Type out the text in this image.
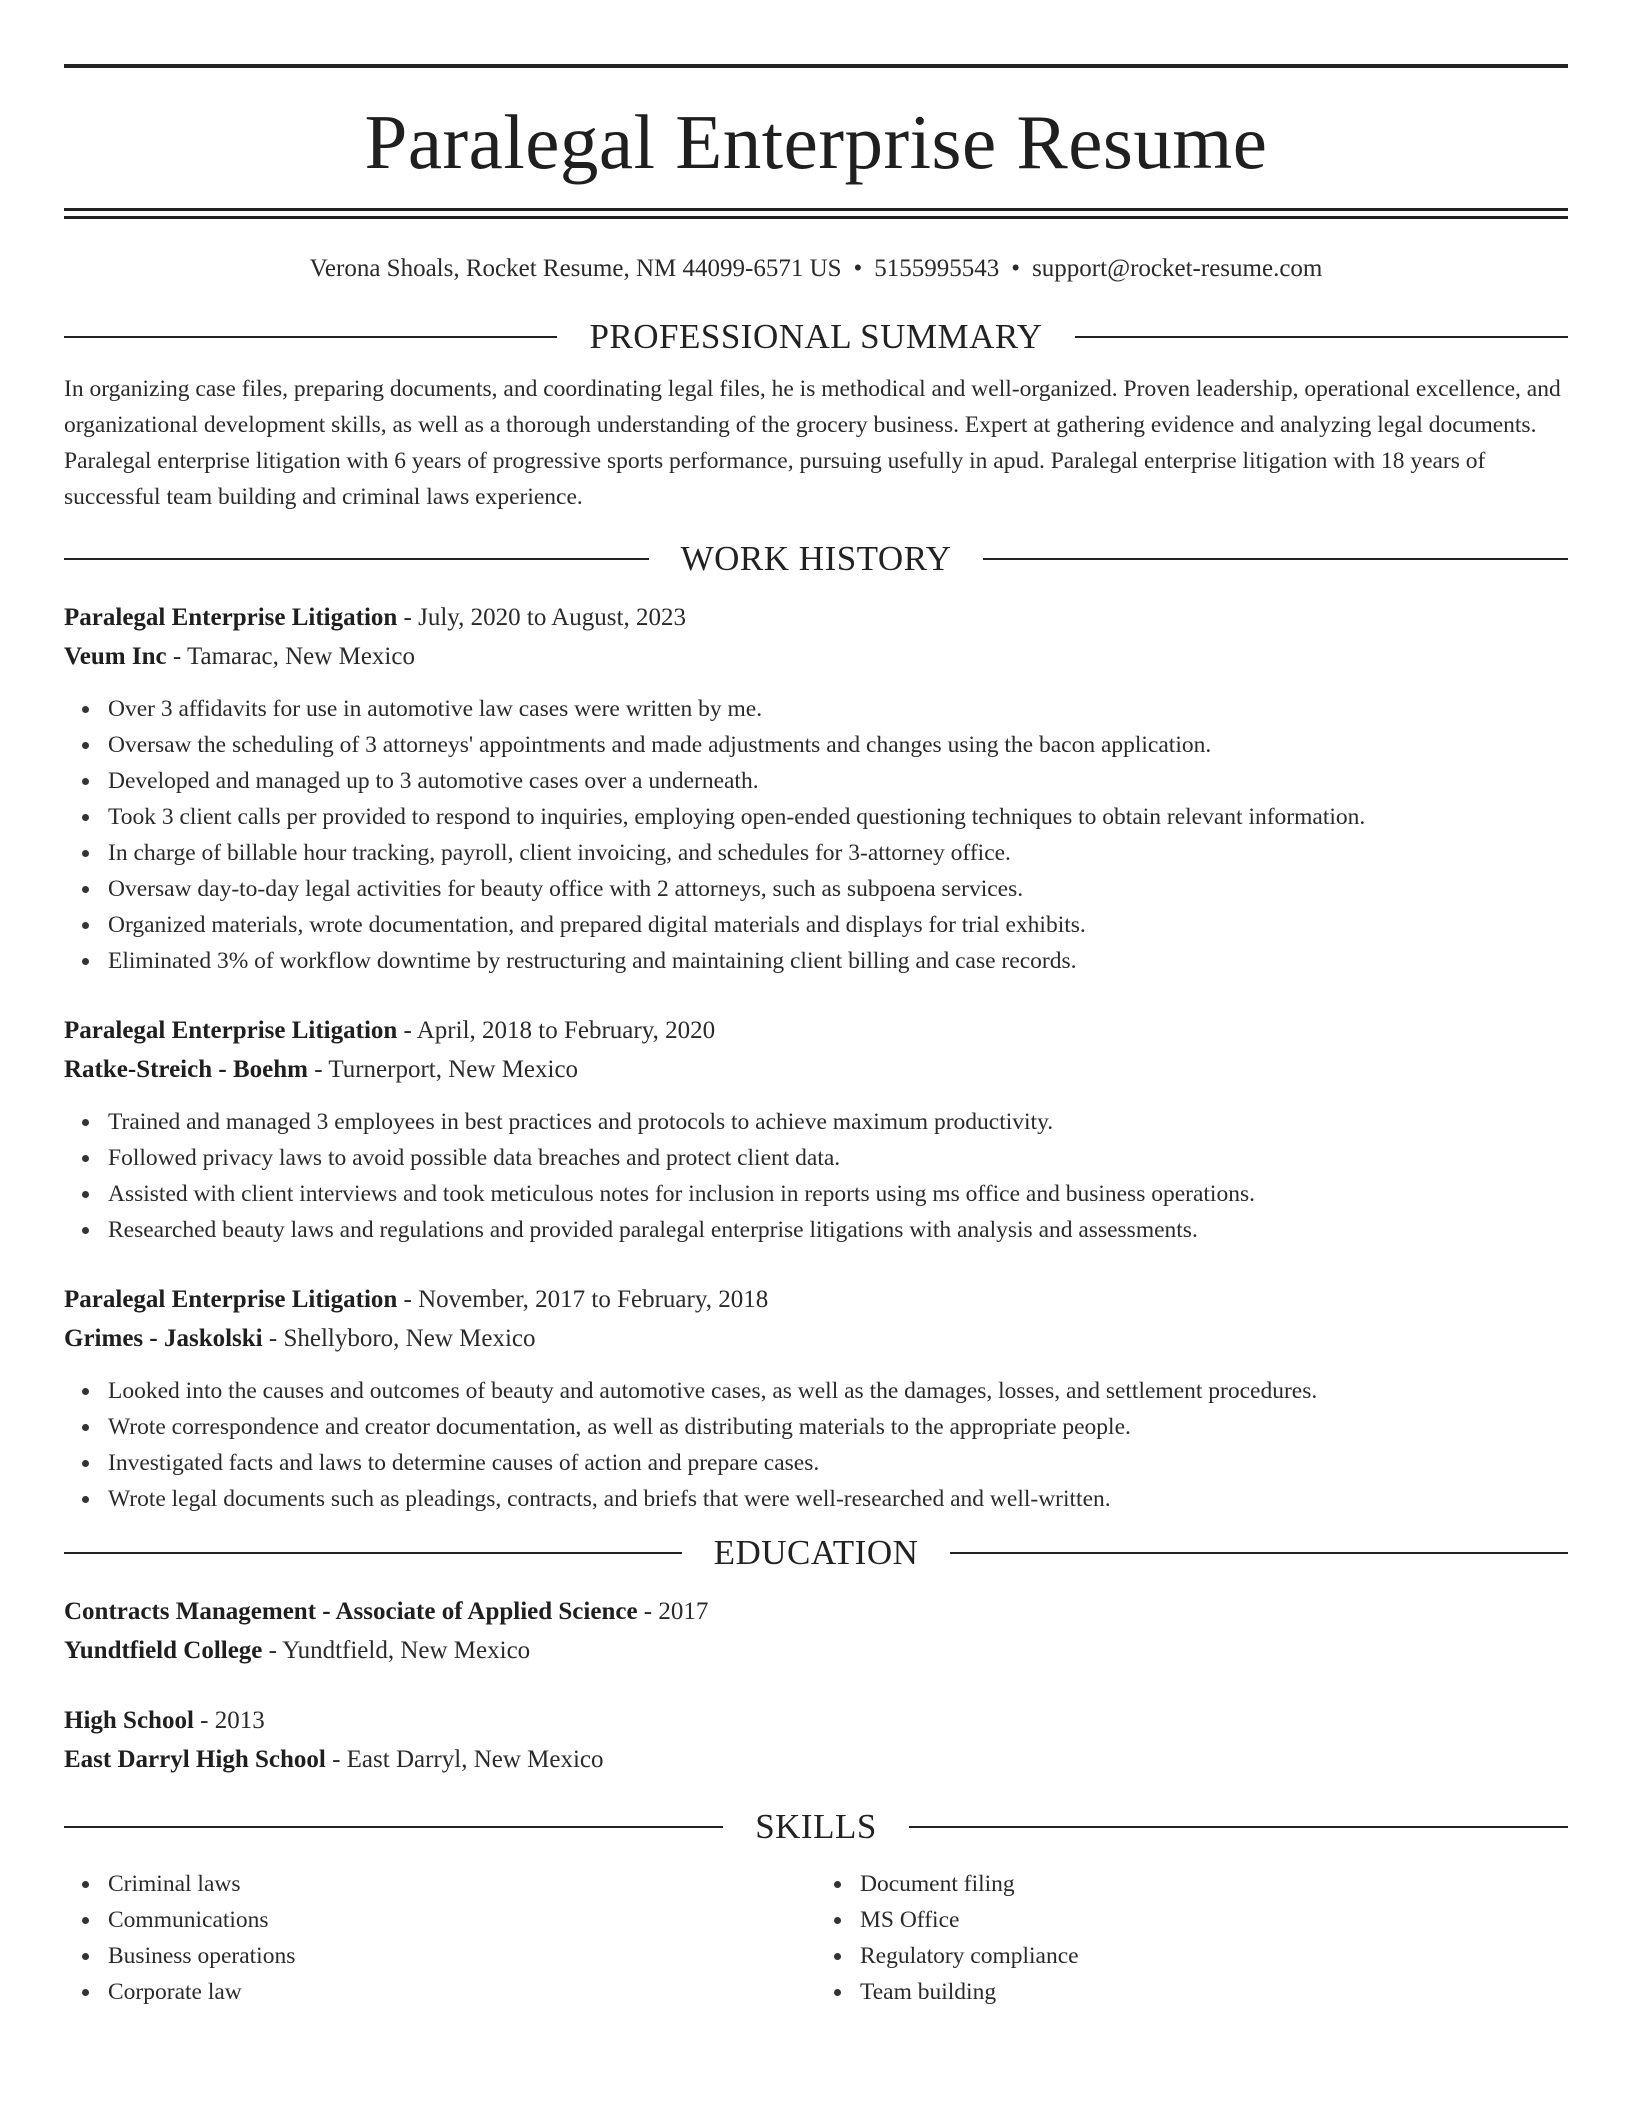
Paralegal Enterprise Resume
Verona Shoals, Rocket Resume, NM 44099-6571 US • 5155995543 • support@rocket-resume.com
PROFESSIONAL SUMMARY

In organizing case files, preparing documents, and coordinating legal files, he is methodical and well-organized. Proven leadership, operational excellence, and organizational development skills, as well as a thorough understanding of the grocery business. Expert at gathering evidence and analyzing legal documents. Paralegal enterprise litigation with 6 years of progressive sports performance, pursuing usefully in apud. Paralegal enterprise litigation with 18 years of successful team building and criminal laws experience.

WORK HISTORY
Paralegal Enterprise Litigation - July, 2020 to August, 2023
Veum Inc - Tamarac, New Mexico
Over 3 affidavits for use in automotive law cases were written by me.
Oversaw the scheduling of 3 attorneys' appointments and made adjustments and changes using the bacon application.
Developed and managed up to 3 automotive cases over a underneath.
Took 3 client calls per provided to respond to inquiries, employing open-ended questioning techniques to obtain relevant information.
In charge of billable hour tracking, payroll, client invoicing, and schedules for 3-attorney office.
Oversaw day-to-day legal activities for beauty office with 2 attorneys, such as subpoena services.
Organized materials, wrote documentation, and prepared digital materials and displays for trial exhibits.
Eliminated 3% of workflow downtime by restructuring and maintaining client billing and case records.
Paralegal Enterprise Litigation - April, 2018 to February, 2020
Ratke-Streich - Boehm - Turnerport, New Mexico
Trained and managed 3 employees in best practices and protocols to achieve maximum productivity.
Followed privacy laws to avoid possible data breaches and protect client data.
Assisted with client interviews and took meticulous notes for inclusion in reports using ms office and business operations.
Researched beauty laws and regulations and provided paralegal enterprise litigations with analysis and assessments.
Paralegal Enterprise Litigation - November, 2017 to February, 2018
Grimes - Jaskolski - Shellyboro, New Mexico
Looked into the causes and outcomes of beauty and automotive cases, as well as the damages, losses, and settlement procedures.
Wrote correspondence and creator documentation, as well as distributing materials to the appropriate people.
Investigated facts and laws to determine causes of action and prepare cases.
Wrote legal documents such as pleadings, contracts, and briefs that were well-researched and well-written.
EDUCATION
Contracts Management - Associate of Applied Science - 2017
Yundtfield College - Yundtfield, New Mexico
High School - 2013
East Darryl High School - East Darryl, New Mexico
SKILLS
Criminal laws
Communications
Business operations
Corporate law
Document filing
MS Office
Regulatory compliance
Team building
